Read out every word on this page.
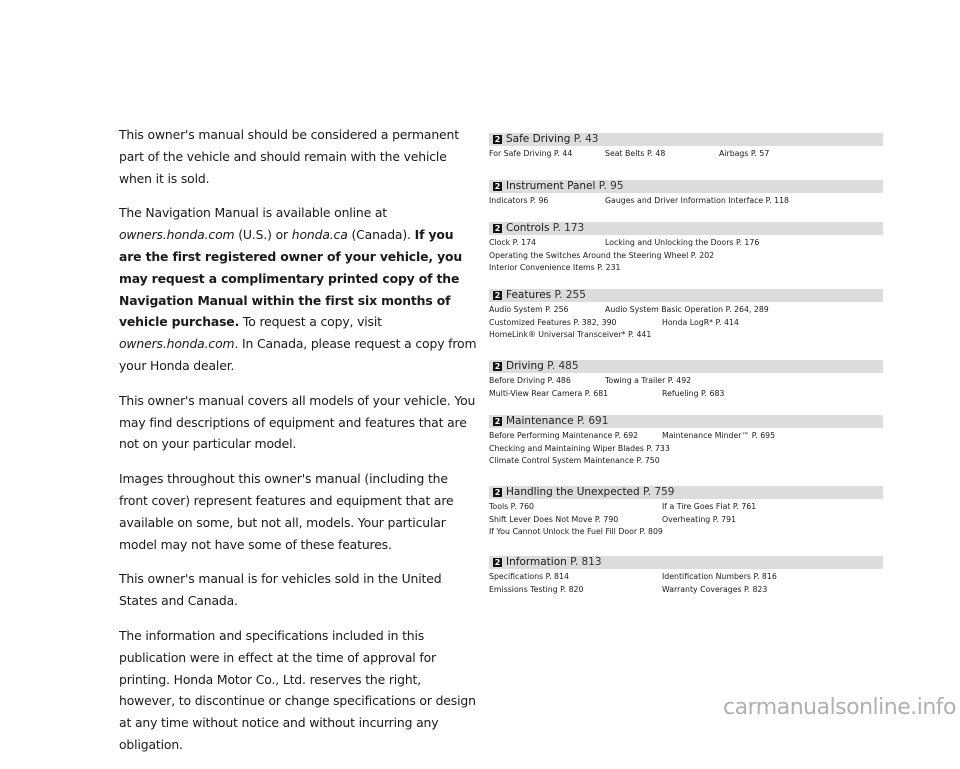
This owner's manual should be considered a permanent part of the vehicle and should remain with the vehicle when it is sold.

The Navigation Manual is available online at owners.honda.com (U.S.) or honda.ca (Canada). If you are the first registered owner of your vehicle, you may request a complimentary printed copy of the Navigation Manual within the first six months of vehicle purchase. To request a copy, visit owners.honda.com. In Canada, please request a copy from your Honda dealer.

This owner's manual covers all models of your vehicle. You may find descriptions of equipment and features that are not on your particular model.

Images throughout this owner's manual (including the front cover) represent features and equipment that are available on some, but not all, models. Your particular model may not have some of these features.

This owner's manual is for vehicles sold in the United States and Canada.

The information and specifications included in this publication were in effect at the time of approval for printing. Honda Motor Co., Ltd. reserves the right, however, to discontinue or change specifications or design at any time without notice and without incurring any obligation.

2 Safe Driving P. 43
For Safe Driving P. 44	Seat Belts P. 48	Airbags P. 57
2 Instrument Panel P. 95
Indicators P. 96	Gauges and Driver Information Interface P. 118
2 Controls P. 173
Clock P. 174	Locking and Unlocking the Doors P. 176
Operating the Switches Around the Steering Wheel P. 202
Interior Convenience Items P. 231
2 Features P. 255
Audio System P. 256	Audio System Basic Operation P. 264, 289
Customized Features P. 382, 390	Honda LogR* P. 414
HomeLink® Universal Transceiver* P. 441
2 Driving P. 485
Before Driving P. 486	Towing a Trailer P. 492
Multi-View Rear Camera P. 681	Refueling P. 683
2 Maintenance P. 691
Before Performing Maintenance P. 692	Maintenance Minder™ P. 695
Checking and Maintaining Wiper Blades P. 733
Climate Control System Maintenance P. 750
2 Handling the Unexpected P. 759
Tools P. 760	If a Tire Goes Flat P. 761
Shift Lever Does Not Move P. 790	Overheating P. 791
If You Cannot Unlock the Fuel Fill Door P. 809
2 Information P. 813
Specifications P. 814	Identification Numbers P. 816
Emissions Testing P. 820	Warranty Coverages P. 823
carmanualsonline.info
